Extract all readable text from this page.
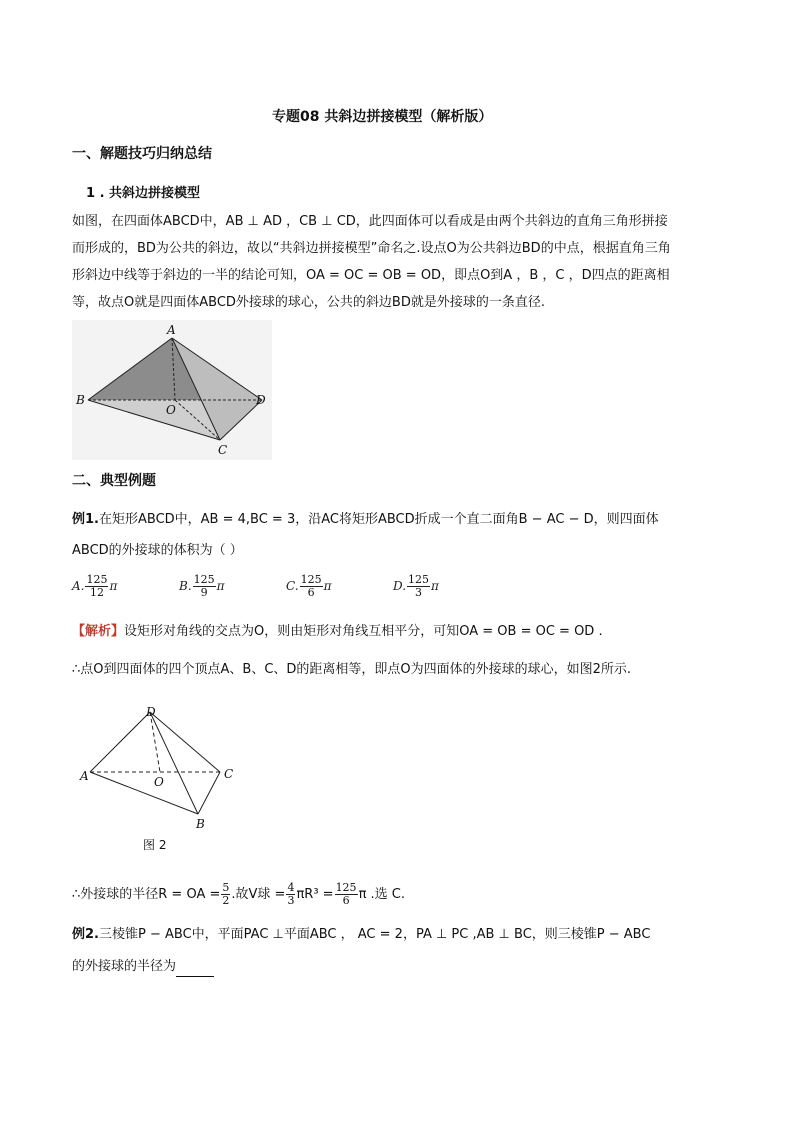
专题08 共斜边拼接模型（解析版）
一、解题技巧归纳总结
1 . 共斜边拼接模型
如图，在四面体ABCD中，AB ⊥ AD ，CB ⊥ CD，此四面体可以看成是由两个共斜边的直角三角形拼接
而形成的，BD为公共的斜边，故以“共斜边拼接模型”命名之.设点O为公共斜边BD的中点，根据直角三角
形斜边中线等于斜边的一半的结论可知，OA = OC = OB = OD，即点O到A ，B ，C ，D四点的距离相
等，故点O就是四面体ABCD外接球的球心，公共的斜边BD就是外接球的一条直径.
A
B
O
D
C
二、典型例题
例1.在矩形ABCD中，AB = 4,BC = 3，沿AC将矩形ABCD折成一个直二面角B − AC − D，则四面体
ABCD的外接球的体积为（ ）
A. $\frac{125}{12}$ π	B. $\frac{125}{9}$ π	C. $\frac{125}{6}$ π	D. $\frac{125}{3}$ π
【解析】设矩形对角线的交点为O，则由矩形对角线互相平分，可知OA = OB = OC = OD .
∴点O到四面体的四个顶点A、B、C、D的距离相等，即点O为四面体的外接球的球心，如图2所示.
D
A	O
C
B
图 2
∴外接球的半径R = OA = $\frac{5}{2}$ .故V球 = $\frac{4}{3} \pi R^3 = \frac{125}{6}$ π .选 C.
例2.三棱锥P − ABC中，平面PAC ⊥平面ABC ， AC = 2，PA ⊥ PC ,AB ⊥ BC，则三棱锥P − ABC
的外接球的半径为
